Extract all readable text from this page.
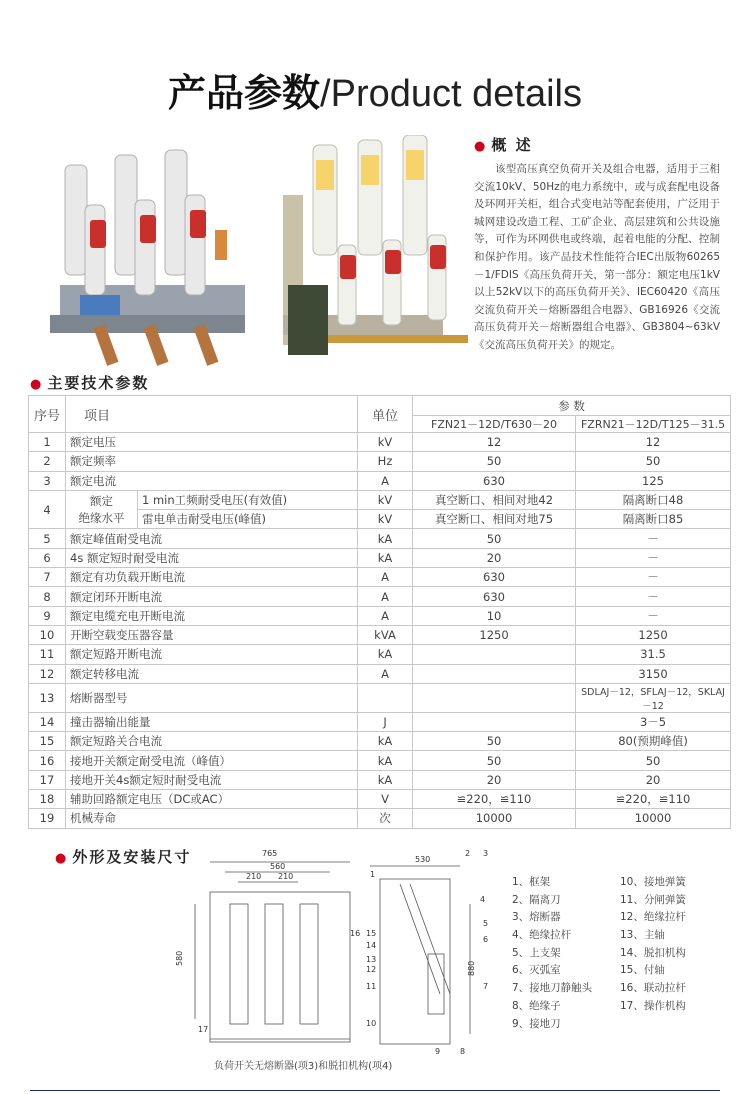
产品参数/Product details
● 概 述

该型高压真空负荷开关及组合电器，适用于三相交流10kV、50Hz的电力系统中，或与成套配电设备及环网开关柜，组合式变电站等配套使用，广泛用于城网建设改造工程、工矿企业、高层建筑和公共设施等，可作为环网供电或终端，起着电能的分配、控制和保护作用。该产品技术性能符合IEC出版物60265－1/FDIS《高压负荷开关，第一部分：额定电压1kV以上52kV以下的高压负荷开关》、IEC60420《高压交流负荷开关－熔断器组合电器》、GB16926《交流高压负荷开关－熔断器组合电器》、GB3804~63kV《交流高压负荷开关》的规定。

● 主要技术参数
序号	项目		单位	参 数	
				FZN21－12D/T630－20	FZRN21－12D/T125－31.5
1	额定电压		kV	12	12
2	额定频率		Hz	50	50
3	额定电流		A	630	125
4	额定
绝缘水平	1 min工频耐受电压(有效值)	kV	真空断口、相间对地42	隔离断口48
		雷电单击耐受电压(峰值)	kV	真空断口、相间对地75	隔离断口85
5	额定峰值耐受电流		kA	50	－
6	4s 额定短时耐受电流		kA	20	－
7	额定有功负载开断电流		A	630	－
8	额定闭环开断电流		A	630	－
9	额定电缆充电开断电流		A	10	－
10	开断空载变压器容量		kVA	1250	1250
11	额定短路开断电流		kA		31.5
12	额定转移电流		A		3150
13	熔断器型号				SDLAJ－12，SFLAJ－12，SKLAJ－12
14	撞击器输出能量		J		3－5
15	额定短路关合电流		kA	50	80(预期峰值)
16	接地开关额定耐受电流（峰值）		kA	50	50
17	接地开关4s额定短时耐受电流		kA	20	20
18	辅助回路额定电压（DC或AC）		V	≌220，≌110	≌220，≌110
19	机械寿命		次	10000	10000
● 外形及安装尺寸	765
560
210 210
580
16
17
530
880
1
2 3
4
5
6
7
8
9
10
11
12
13
14
15
负荷开关无熔断器(项3)和脱扣机构(项4)
1、框架	10、接地弹簧
2、隔离刀	11、分闸弹簧
3、熔断器	12、绝缘拉杆
4、绝缘拉杆	13、主轴
5、上支架	14、脱扣机构
6、灭弧室	15、付轴
7、接地刀静触头	16、联动拉杆
8、绝缘子	17、操作机构
9、接地刀
